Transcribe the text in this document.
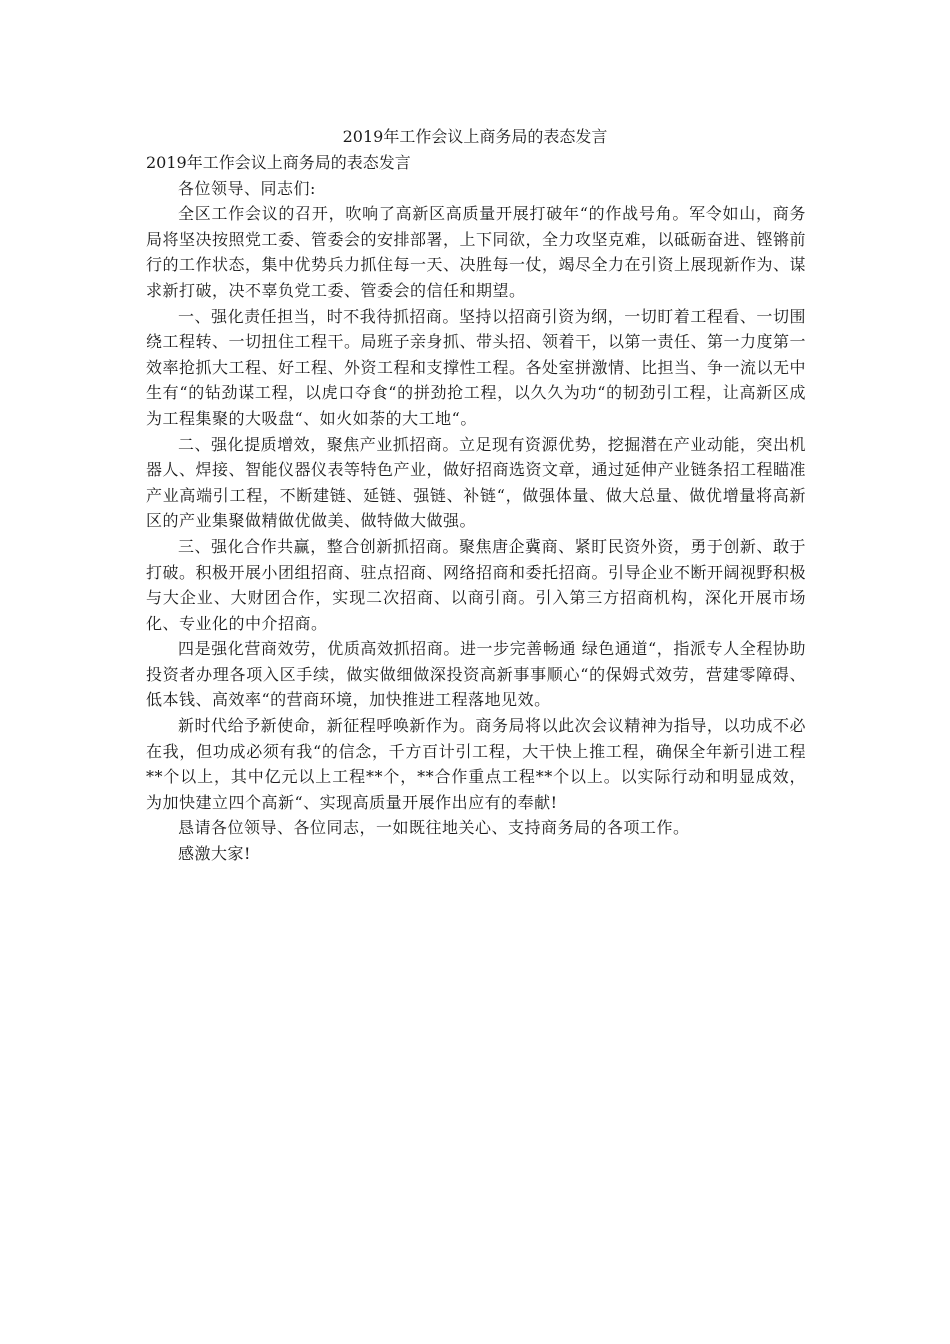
2019年工作会议上商务局的表态发言

2019年工作会议上商务局的表态发言

各位领导、同志们:

全区工作会议的召开，吹响了高新区高质量开展打破年“的作战号角。军令如山，商务局将坚决按照党工委、管委会的安排部署，上下同欲，全力攻坚克难，以砥砺奋进、铿锵前行的工作状态，集中优势兵力抓住每一天、决胜每一仗，竭尽全力在引资上展现新作为、谋求新打破，决不辜负党工委、管委会的信任和期望。

一、强化责任担当，时不我待抓招商。坚持以招商引资为纲，一切盯着工程看、一切围绕工程转、一切扭住工程干。局班子亲身抓、带头招、领着干，以第一责任、第一力度第一效率抢抓大工程、好工程、外资工程和支撑性工程。各处室拼激情、比担当、争一流以无中生有“的钻劲谋工程，以虎口夺食“的拼劲抢工程，以久久为功“的韧劲引工程，让高新区成为工程集聚的大吸盘“、如火如荼的大工地“。

二、强化提质增效，聚焦产业抓招商。立足现有资源优势，挖掘潜在产业动能，突出机器人、焊接、智能仪器仪表等特色产业，做好招商选资文章，通过延伸产业链条招工程瞄准产业高端引工程，不断建链、延链、强链、补链“，做强体量、做大总量、做优增量将高新区的产业集聚做精做优做美、做特做大做强。

三、强化合作共赢，整合创新抓招商。聚焦唐企冀商、紧盯民资外资，勇于创新、敢于打破。积极开展小团组招商、驻点招商、网络招商和委托招商。引导企业不断开阔视野积极与大企业、大财团合作，实现二次招商、以商引商。引入第三方招商机构，深化开展市场化、专业化的中介招商。

四是强化营商效劳，优质高效抓招商。进一步完善畅通 绿色通道“，指派专人全程协助投资者办理各项入区手续，做实做细做深投资高新事事顺心“的保姆式效劳，营建零障碍、低本钱、高效率“的营商环境，加快推进工程落地见效。

新时代给予新使命，新征程呼唤新作为。商务局将以此次会议精神为指导，以功成不必在我，但功成必须有我“的信念，千方百计引工程，大干快上推工程，确保全年新引进工程**个以上，其中亿元以上工程**个，**合作重点工程**个以上。以实际行动和明显成效，为加快建立四个高新“、实现高质量开展作出应有的奉献!

恳请各位领导、各位同志，一如既往地关心、支持商务局的各项工作。

感激大家!
